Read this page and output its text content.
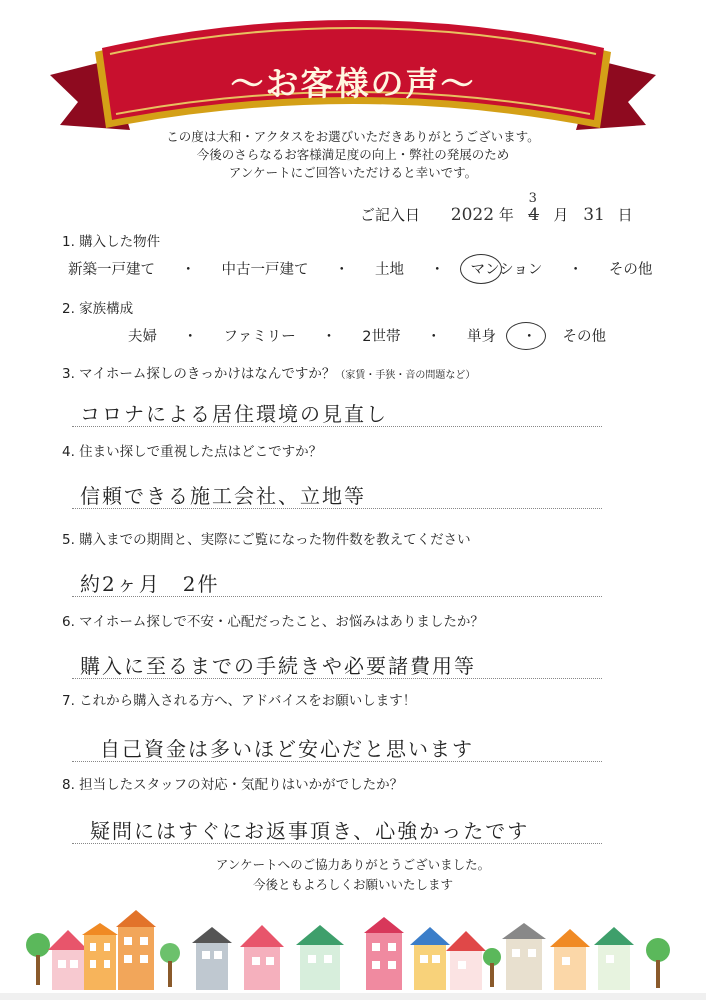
〜お客様の声〜
この度は大和・アクタスをお選びいただきありがとうございます。
今後のさらなるお客様満足度の向上・弊社の発展のため
アンケートにご回答いただけると幸いです。
ご記入日 2022 年 4
3
月 31 日
1. 購入した物件
新築一戸建て ・ 中古一戸建て ・ 土地 ・ マンション ・ その他
2. 家族構成
夫婦 ・ ファミリー ・ 2世帯 ・ 単身 ・ その他
3. マイホーム探しのきっかけはなんですか？（家賃・手狭・音の問題など）
コロナによる居住環境の見直し
4. 住まい探しで重視した点はどこですか？
信頼できる施工会社、立地等
5. 購入までの期間と、実際にご覧になった物件数を教えてください
約2ヶ月　2件
6. マイホーム探しで不安・心配だったこと、お悩みはありましたか？
購入に至るまでの手続きや必要諸費用等
7. これから購入される方へ、アドバイスをお願いします！
自己資金は多いほど安心だと思います
8. 担当したスタッフの対応・気配りはいかがでしたか？
疑問にはすぐにお返事頂き、心強かったです
アンケートへのご協力ありがとうございました。
今後ともよろしくお願いいたします
